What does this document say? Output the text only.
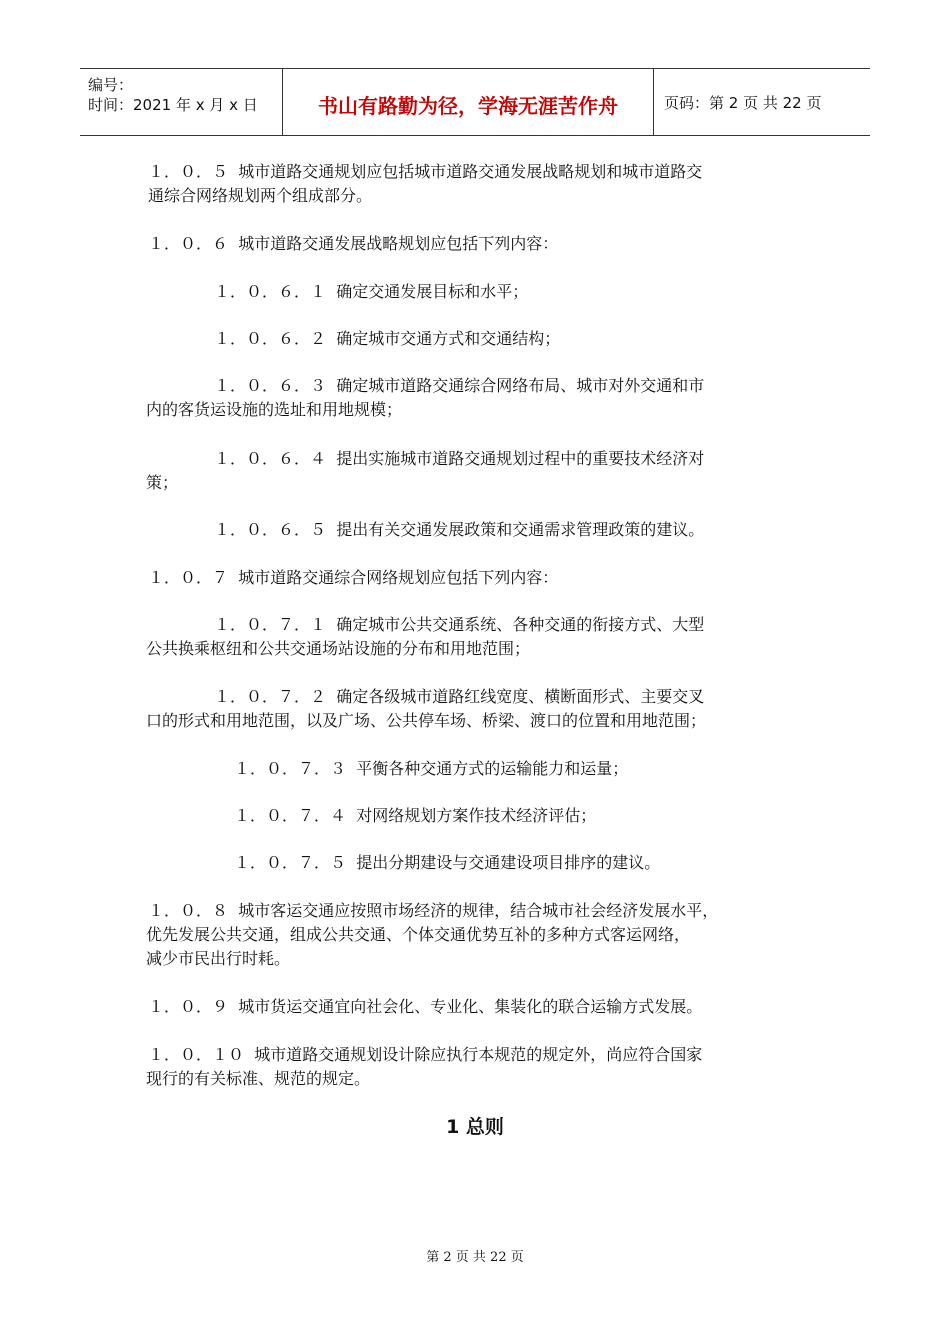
编号：
时间：2021 年 x 月 x 日	书山有路勤为径，学海无涯苦作舟	页码：第 2 页 共 22 页
１．０．５ 城市道路交通规划应包括城市道路交通发展战略规划和城市道路交
通综合网络规划两个组成部分。
１．０．６ 城市道路交通发展战略规划应包括下列内容：
１．０．６．１ 确定交通发展目标和水平；
１．０．６．２ 确定城市交通方式和交通结构；
１．０．６．３ 确定城市道路交通综合网络布局、城市对外交通和市
内的客货运设施的选址和用地规模；
１．０．６．４ 提出实施城市道路交通规划过程中的重要技术经济对
策；
１．０．６．５ 提出有关交通发展政策和交通需求管理政策的建议。
１．０．７ 城市道路交通综合网络规划应包括下列内容：
１．０．７．１ 确定城市公共交通系统、各种交通的衔接方式、大型
公共换乘枢纽和公共交通场站设施的分布和用地范围；
１．０．７．２ 确定各级城市道路红线宽度、横断面形式、主要交叉
口的形式和用地范围，以及广场、公共停车场、桥梁、渡口的位置和用地范围；
１．０．７．３ 平衡各种交通方式的运输能力和运量；
１．０．７．４ 对网络规划方案作技术经济评估；
１．０．７．５ 提出分期建设与交通建设项目排序的建议。
１．０．８ 城市客运交通应按照市场经济的规律，结合城市社会经济发展水平，
优先发展公共交通，组成公共交通、个体交通优势互补的多种方式客运网络，
减少市民出行时耗。
１．０．９ 城市货运交通宜向社会化、专业化、集装化的联合运输方式发展。
１．０．１０ 城市道路交通规划设计除应执行本规范的规定外，尚应符合国家
现行的有关标准、规范的规定。
1 总则
第 2 页 共 22 页
